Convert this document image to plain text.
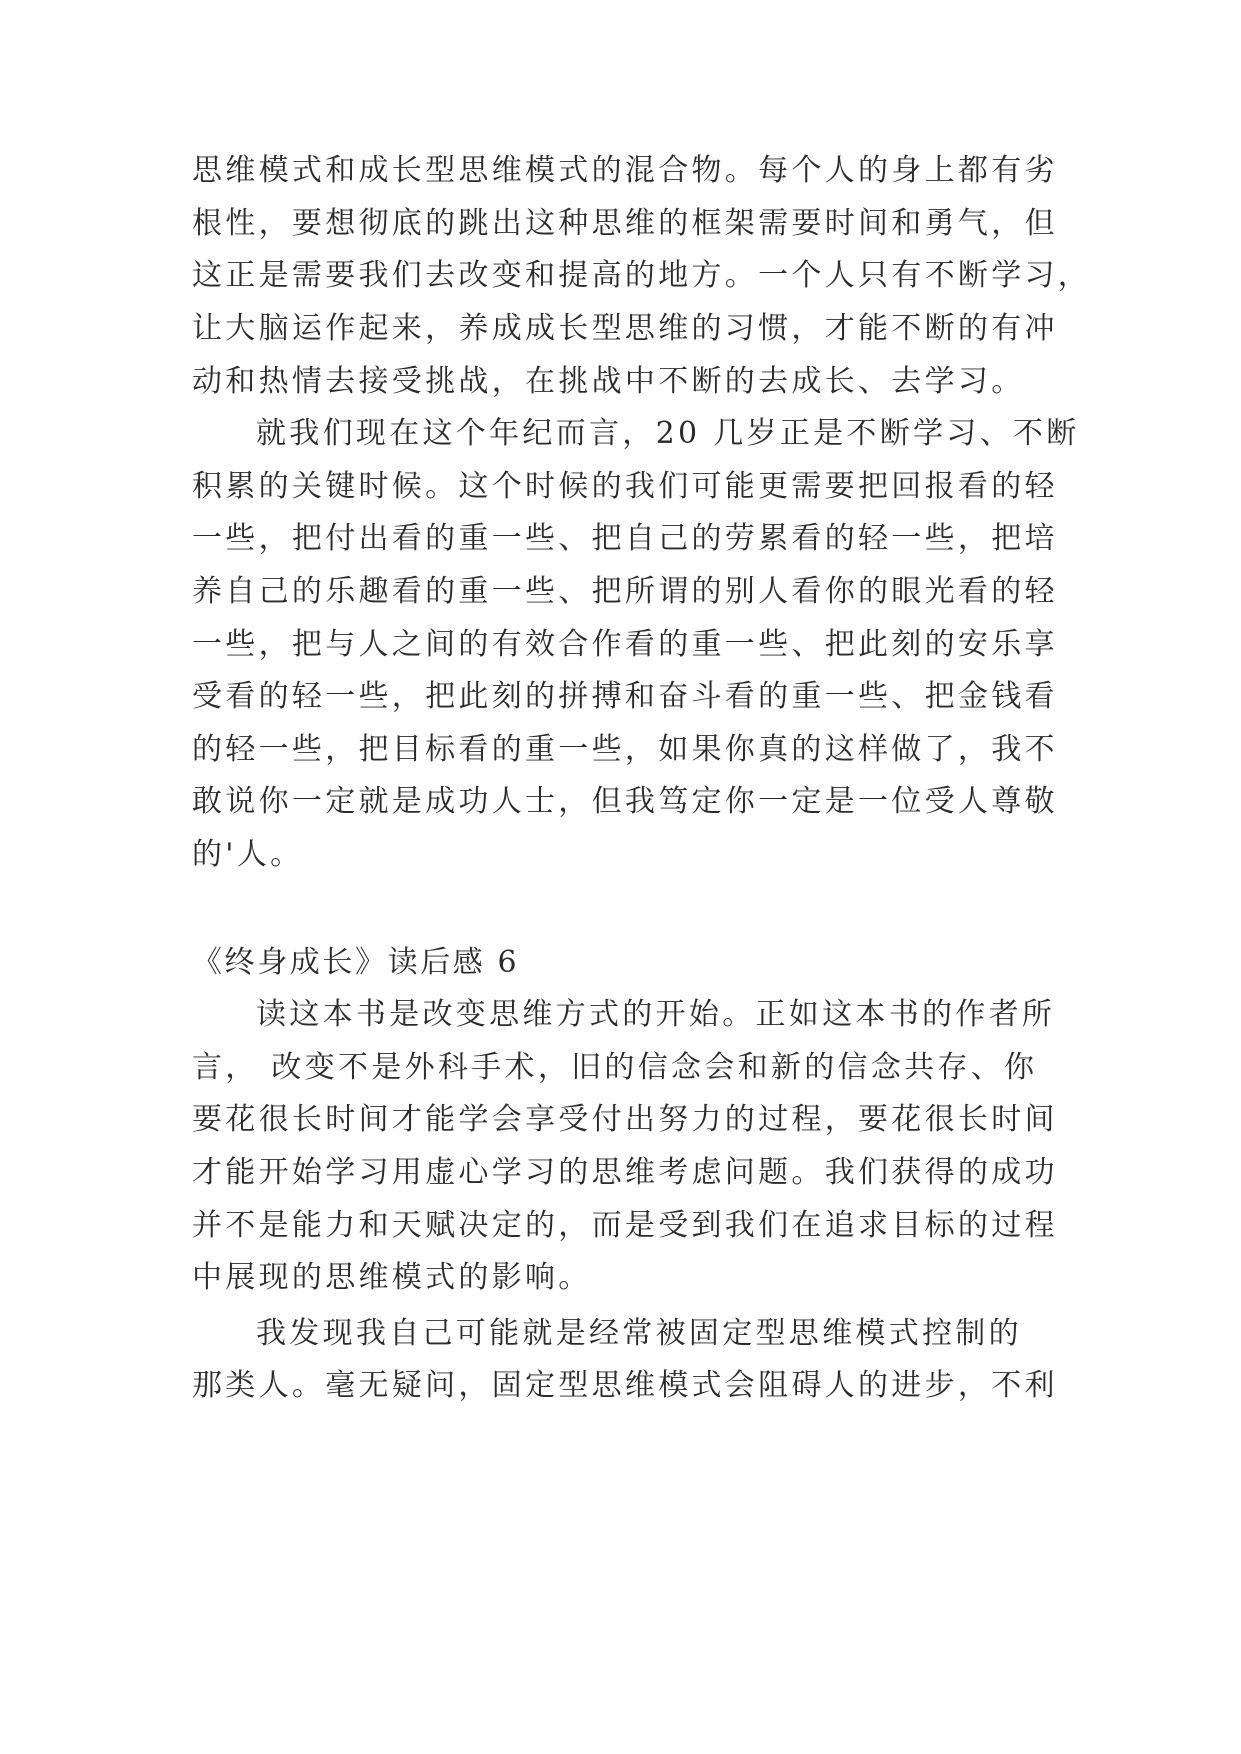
思维模式和成长型思维模式的混合物。每个人的身上都有劣
根性，要想彻底的跳出这种思维的框架需要时间和勇气，但
这正是需要我们去改变和提高的地方。一个人只有不断学习，
让大脑运作起来，养成成长型思维的习惯，才能不断的有冲
动和热情去接受挑战，在挑战中不断的去成长、去学习。
就我们现在这个年纪而言，20 几岁正是不断学习、不断
积累的关键时候。这个时候的我们可能更需要把回报看的轻
一些，把付出看的重一些、把自己的劳累看的轻一些，把培
养自己的乐趣看的重一些、把所谓的别人看你的眼光看的轻
一些，把与人之间的有效合作看的重一些、把此刻的安乐享
受看的轻一些，把此刻的拼搏和奋斗看的重一些、把金钱看
的轻一些，把目标看的重一些，如果你真的这样做了，我不
敢说你一定就是成功人士，但我笃定你一定是一位受人尊敬
的'人。
《终身成长》读后感 6
读这本书是改变思维方式的开始。正如这本书的作者所
言， 改变不是外科手术，旧的信念会和新的信念共存、你
要花很长时间才能学会享受付出努力的过程，要花很长时间
才能开始学习用虚心学习的思维考虑问题。我们获得的成功
并不是能力和天赋决定的，而是受到我们在追求目标的过程
中展现的思维模式的影响。
我发现我自己可能就是经常被固定型思维模式控制的
那类人。毫无疑问，固定型思维模式会阻碍人的进步，不利
